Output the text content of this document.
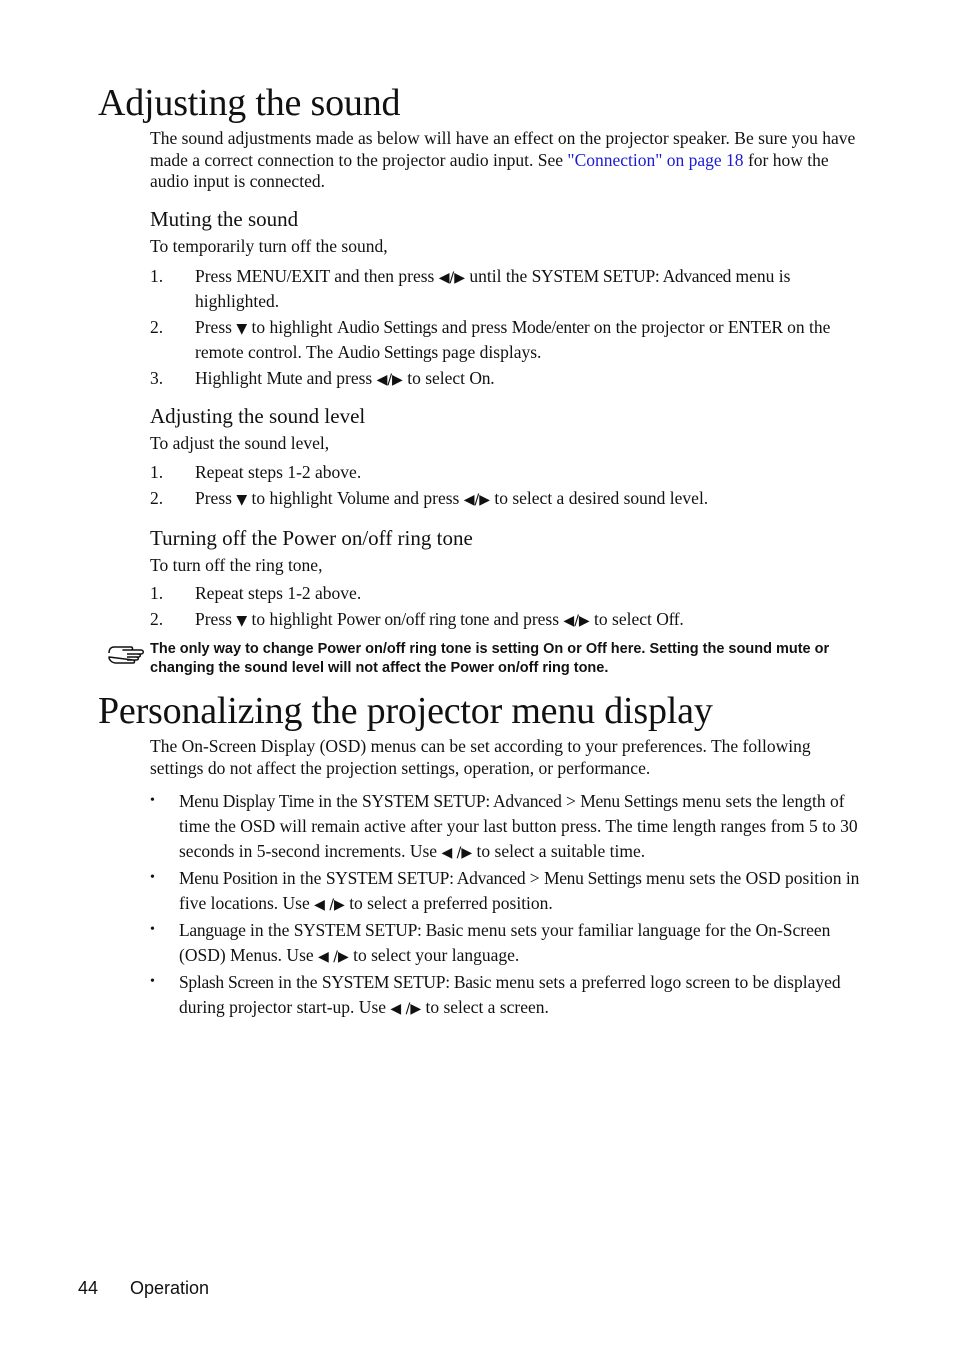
Adjusting the sound

The sound adjustments made as below will have an effect on the projector speaker. Be sure you have made a correct connection to the projector audio input. See "Connection" on page 18 for how the audio input is connected.

Muting the sound

To temporarily turn off the sound,

1. Press MENU/EXIT and then press ◀/▶ until the SYSTEM SETUP: Advanced menu is highlighted.
2. Press ▼ to highlight Audio Settings and press Mode/enter on the projector or ENTER on the remote control. The Audio Settings page displays.
3. Highlight Mute and press ◀/▶ to select On.
Adjusting the sound level

To adjust the sound level,

1. Repeat steps 1-2 above.
2. Press ▼ to highlight Volume and press ◀/▶ to select a desired sound level.
Turning off the Power on/off ring tone

To turn off the ring tone,

1. Repeat steps 1-2 above.
2. Press ▼ to highlight Power on/off ring tone and press ◀/▶ to select Off.

The only way to change Power on/off ring tone is setting On or Off here. Setting the sound mute or changing the sound level will not affect the Power on/off ring tone.

Personalizing the projector menu display

The On-Screen Display (OSD) menus can be set according to your preferences. The following settings do not affect the projection settings, operation, or performance.

• Menu Display Time in the SYSTEM SETUP: Advanced > Menu Settings menu sets the length of time the OSD will remain active after your last button press. The time length ranges from 5 to 30 seconds in 5-second increments. Use ◀ /▶ to select a suitable time.
• Menu Position in the SYSTEM SETUP: Advanced > Menu Settings menu sets the OSD position in five locations. Use ◀ /▶ to select a preferred position.
• Language in the SYSTEM SETUP: Basic menu sets your familiar language for the On-Screen (OSD) Menus. Use ◀ /▶ to select your language.
• Splash Screen in the SYSTEM SETUP: Basic menu sets a preferred logo screen to be displayed during projector start-up. Use ◀ /▶ to select a screen.
44 Operation
